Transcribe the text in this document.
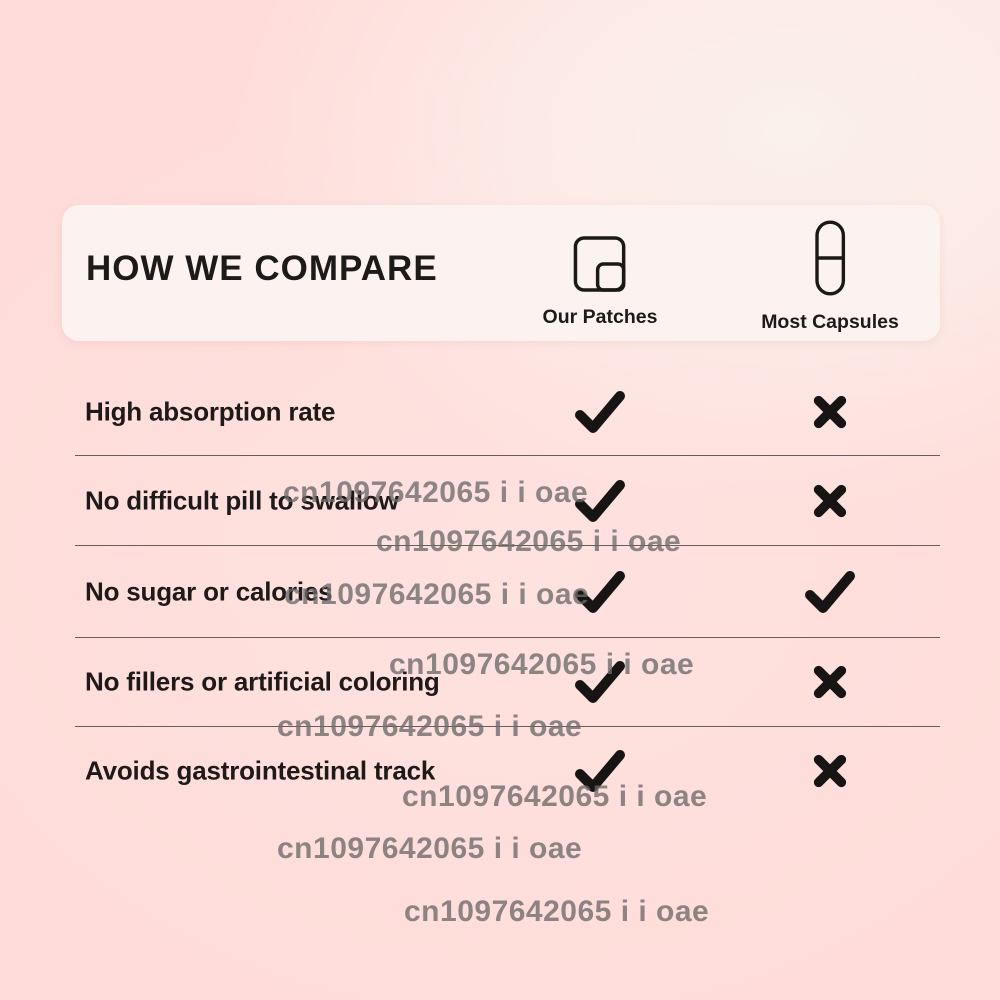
HOW WE COMPARE
Our Patches	Most Capsules
High absorption rate
No difficult pill to swallow
No sugar or calories
No fillers or artificial coloring
Avoids gastrointestinal track
cn1097642065 i i oae
cn1097642065 i i oae
cn1097642065 i i oae
cn1097642065 i i oae
cn1097642065 i i oae
cn1097642065 i i oae
cn1097642065 i i oae
cn1097642065 i i oae
